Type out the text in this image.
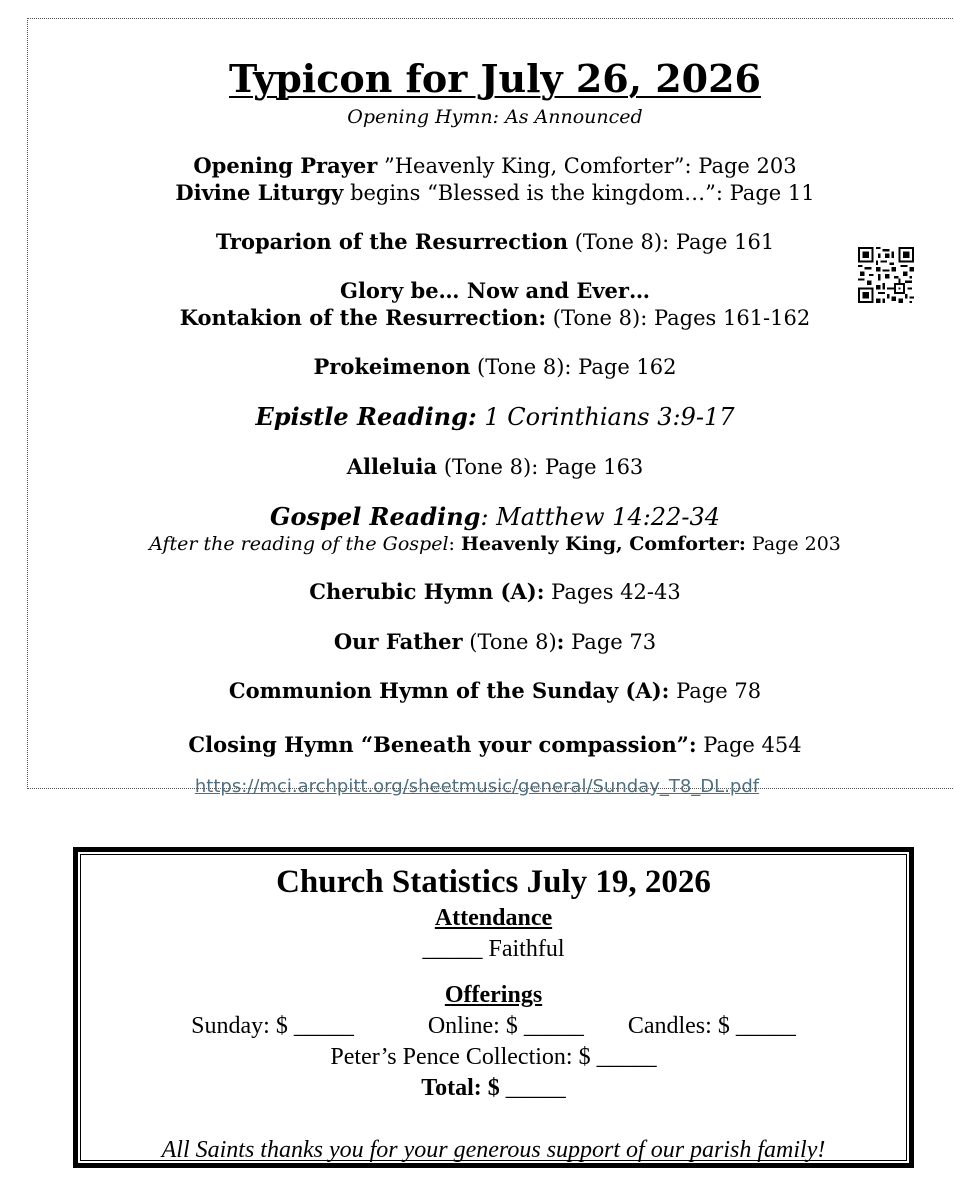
Typicon for July 26, 2026
Opening Hymn: As Announced
Opening Prayer ”Heavenly King, Comforter”: Page 203
Divine Liturgy begins “Blessed is the kingdom…”: Page 11
Troparion of the Resurrection (Tone 8): Page 161
Glory be… Now and Ever…
Kontakion of the Resurrection: (Tone 8): Pages 161-162
Prokeimenon (Tone 8): Page 162
Epistle Reading: 1 Corinthians 3:9-17
Alleluia (Tone 8): Page 163
Gospel Reading: Matthew 14:22-34
After the reading of the Gospel: Heavenly King, Comforter: Page 203
Cherubic Hymn (A): Pages 42-43
Our Father (Tone 8): Page 73
Communion Hymn of the Sunday (A): Page 78
Closing Hymn “Beneath your compassion”: Page 454
https://mci.archpitt.org/sheetmusic/general/Sunday_T8_DL.pdf
Church Statistics July 19, 2026
Attendance
_____ Faithful
Offerings
Sunday: $ _____	Online: $ _____ Candles: $ _____
Peter’s Pence Collection: $ _____
Total: $ _____
All Saints thanks you for your generous support of our parish family!
